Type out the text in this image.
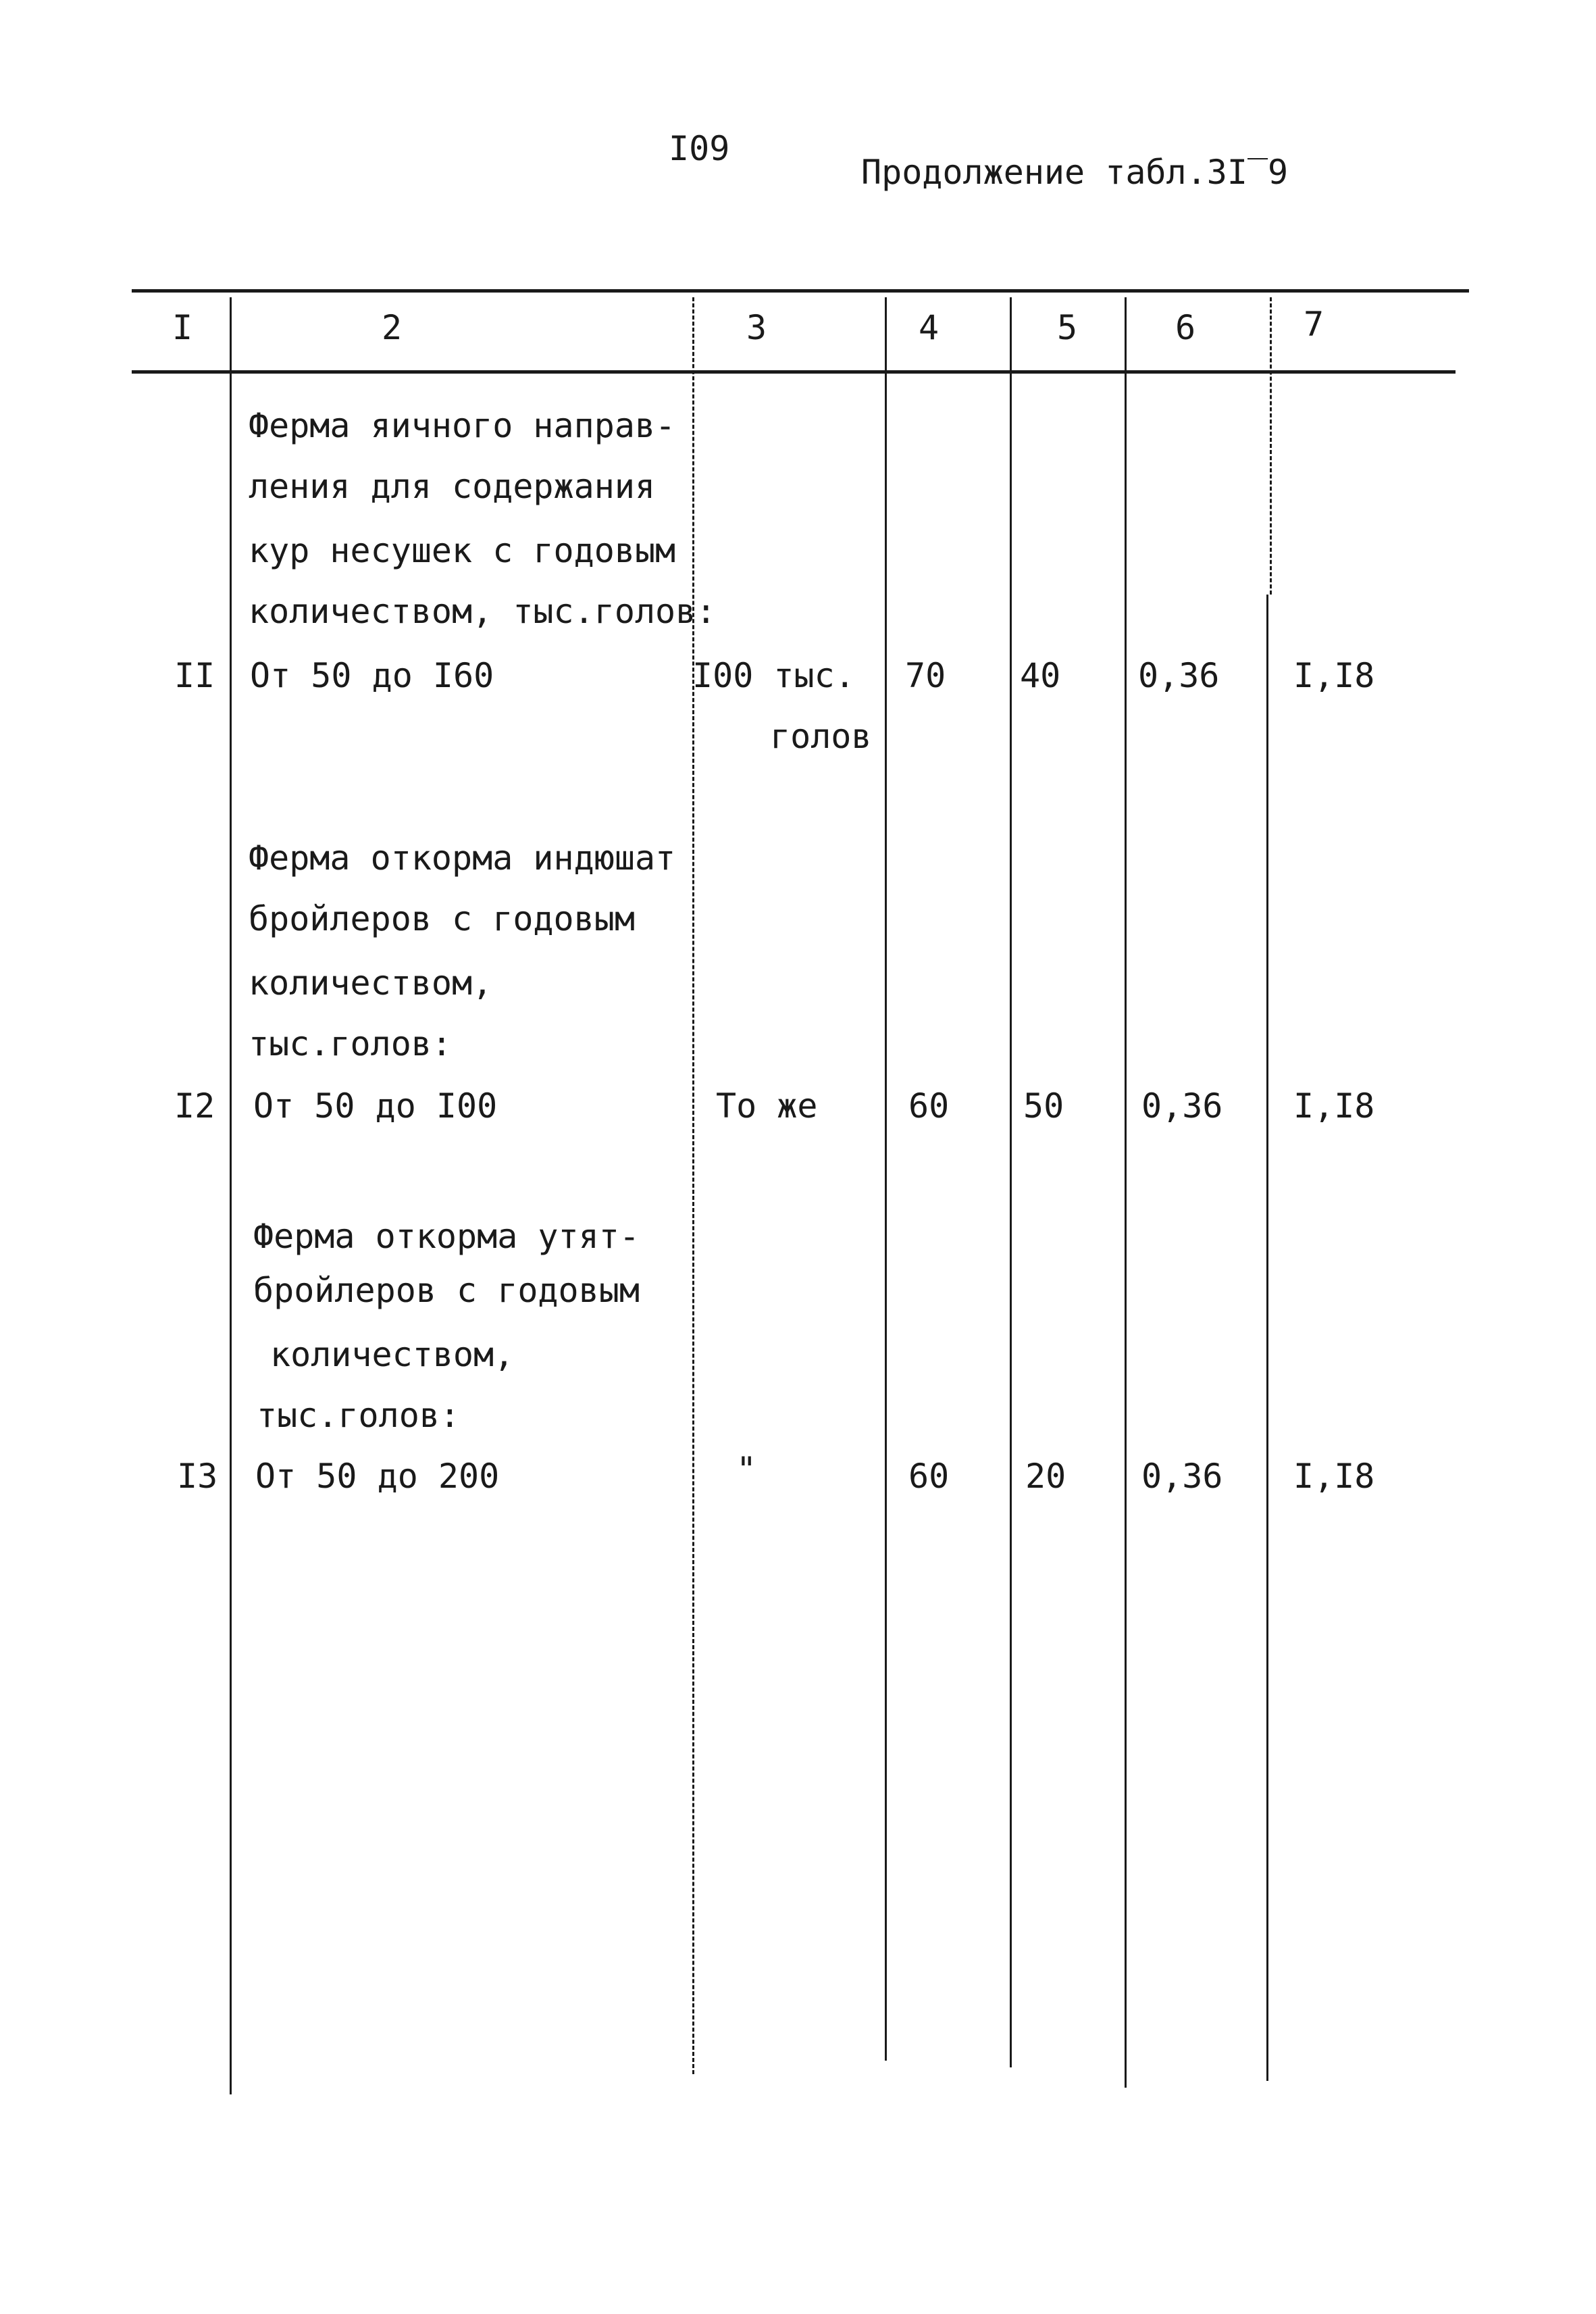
I09
Продолжение табл.3I‾9
I	2	3	4	5	6	7
Ферма яичного направ-
ления для содержания
кур несушек с годовым
количеством, тыс.голов:
II От 50 до I60	I00 тыс.
голов
70 40 0,36 I,I8
Ферма откорма индюшат
бройлеров с годовым
количеством,
тыс.голов:
I2 От 50 до I00	То же	60 50 0,36 I,I8
Ферма откорма утят-
бройлеров с годовым
количеством,
тыс.голов:
I3 От 50 до 200	"	60 20 0,36 I,I8
